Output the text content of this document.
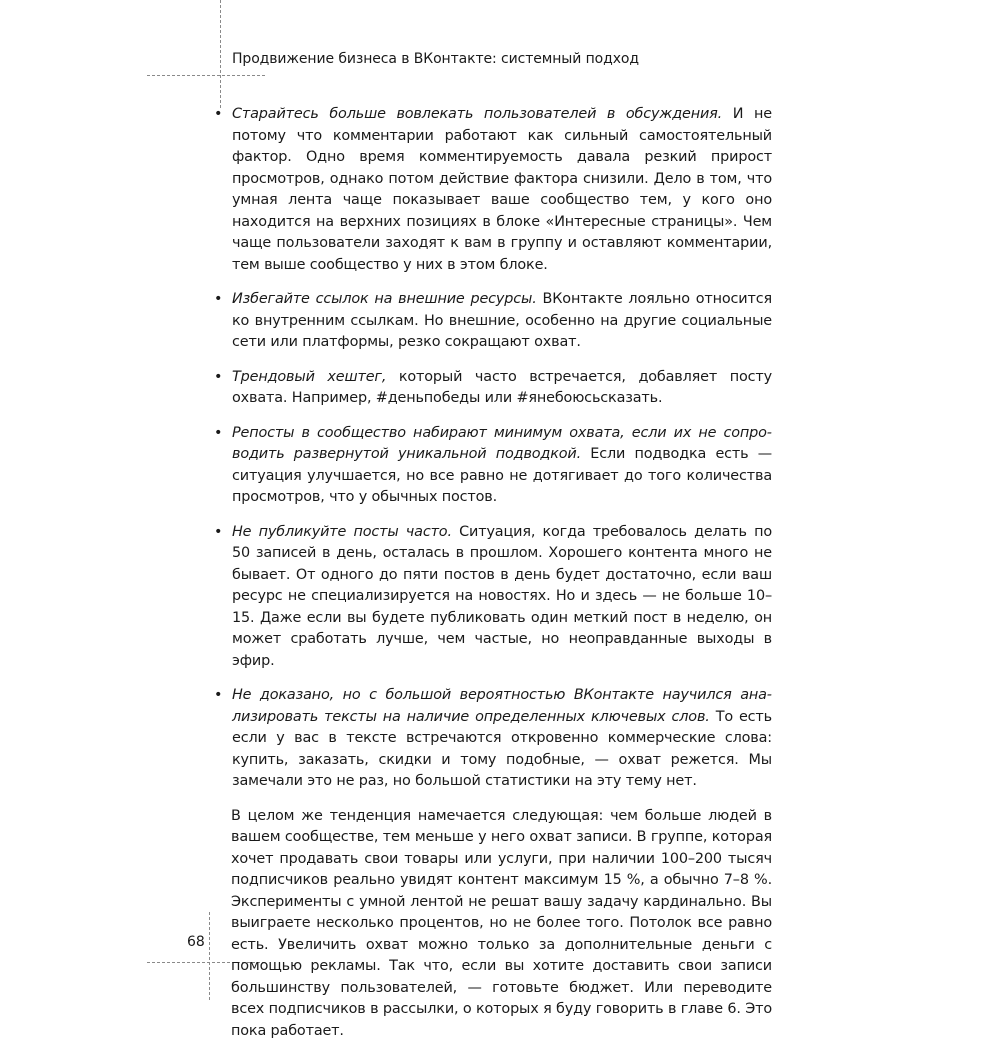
Продвижение бизнеса в ВКонтакте: системный подход
• Старайтесь больше вовлекать пользователей в обсуждения. И не потому что комментарии работают как сильный самостоятельный фактор. Одно время комментируемость давала резкий прирост просмотров, однако потом действие фактора снизили. Дело в том, что умная лента чаще показывает ваше сообщество тем, у кого оно находится на верхних позициях в блоке «Интересные страницы». Чем чаще пользователи заходят к вам в группу и оставляют комментарии, тем выше сообщество у них в этом блоке.
• Избегайте ссылок на внешние ресурсы. ВКонтакте лояльно относится ко внутренним ссылкам. Но внешние, особенно на другие социальные сети или платформы, резко сокращают охват.
• Трендовый хештег, который часто встречается, добавляет посту охвата. Например, #деньпобеды или #янебоюсьсказать.
• Репосты в сообщество набирают минимум охвата, если их не сопроводить развернутой уникальной подводкой. Если подводка есть — ситуация улучшается, но все равно не дотягивает до того количества просмотров, что у обычных постов.
• Не публикуйте посты часто. Ситуация, когда требовалось делать по 50 записей в день, осталась в прошлом. Хорошего контента много не бывает. От одного до пяти постов в день будет достаточно, если ваш ресурс не специализируется на новостях. Но и здесь — не больше 10–15. Даже если вы будете публиковать один меткий пост в неделю, он может сработать лучше, чем частые, но неоправданные выходы в эфир.
• Не доказано, но с большой вероятностью ВКонтакте научился анализировать тексты на наличие определенных ключевых слов. То есть если у вас в тексте встречаются откровенно коммерческие слова: купить, заказать, скидки и тому подобные, — охват режется. Мы замечали это не раз, но большой статистики на эту тему нет.

В целом же тенденция намечается следующая: чем больше людей в вашем сообществе, тем меньше у него охват записи. В группе, которая хочет продавать свои товары или услуги, при наличии 100–200 тысяч подписчиков реально увидят контент максимум 15 %, а обычно 7–8 %. Эксперименты с умной лентой не решат вашу задачу кардинально. Вы выиграете несколько процентов, но не более того. Потолок все равно есть. Увеличить охват можно только за дополнительные деньги с помощью рекламы. Так что, если вы хотите доставить свои записи большинству пользователей, — готовьте бюджет. Или переводите всех подписчиков в рассылки, о которых я буду говорить в главе 6. Это пока работает.

68
